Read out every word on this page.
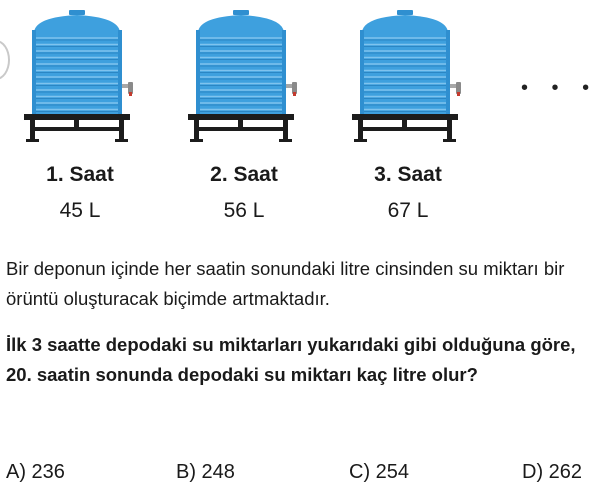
• • •
1. Saat	2. Saat	3. Saat
45 L	56 L	67 L
Bir deponun içinde her saatin sonundaki litre cinsinden su miktarı bir örüntü oluşturacak biçimde artmaktadır.
İlk 3 saatte depodaki su miktarları yukarıdaki gibi olduğuna göre, 20. saatin sonunda depodaki su miktarı kaç litre olur?
A) 236	B) 248	C) 254	D) 262
